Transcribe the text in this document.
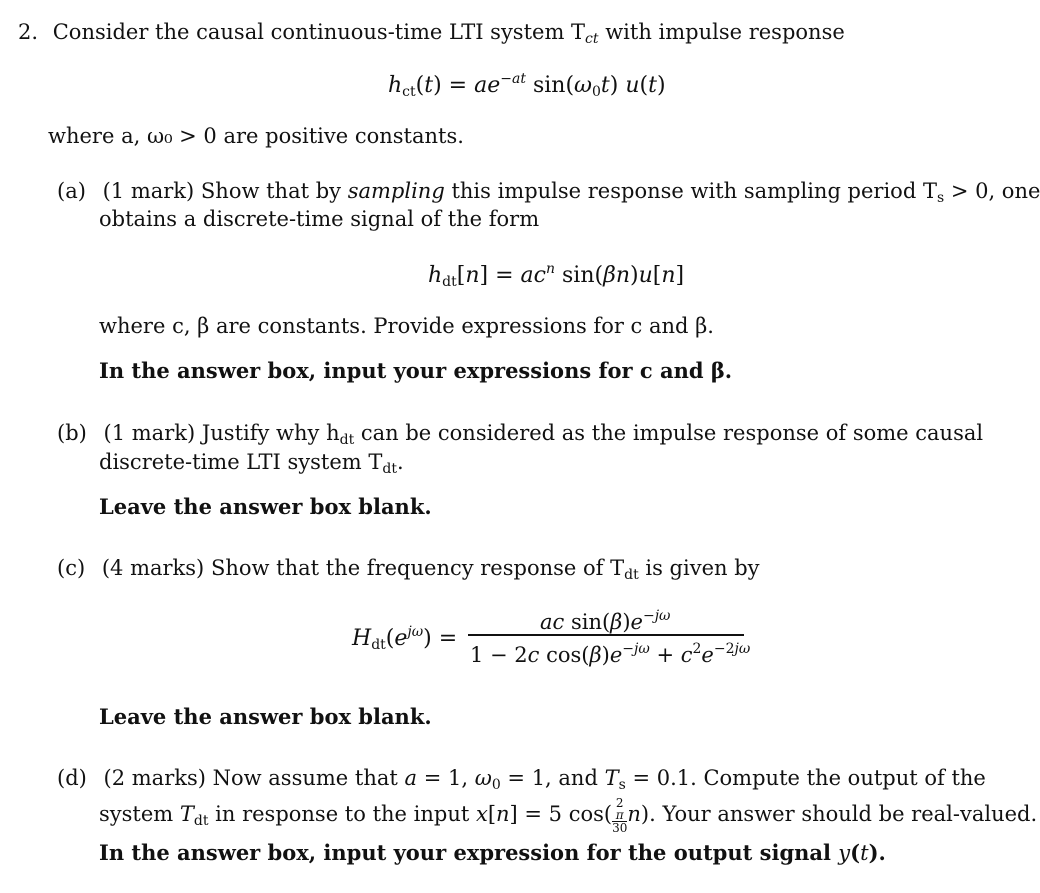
2. Consider the causal continuous-time LTI system $T_{ct}$ with impulse response
$h_{ct}(t) = ae^{-at}$ $\sin(\omega_0t)$ u(t)
where a, ω₀ > 0 are positive constants.
(a) (1 mark) Show that by sampling this impulse response with sampling period $T_s > 0$, one
obtains a discrete-time signal of the form
$h_{dt}[n] = ac^n$ sin(βn)u[n]
where c, β are constants. Provide expressions for c and β.
In the answer box, input your expressions for c and β.
(b) (1 mark) Justify why $h_{dt}$ can be considered as the impulse response of some causal
discrete-time LTI system $T_{dt}$.
Leave the answer box blank.
(c) (4 marks) Show that the frequency response of $T_{dt}$ is given by
$H_{dt}(e^{j\omega})$ =
ac $\sin(\beta)e^{-j\omega}$
1 − 2c $\cos(\beta)e^{-j\omega} + c^2e^{-2j\omega}$
Leave the answer box blank.
(d) (2 marks) Now assume that a = 1, $\omega_0 = 1$, and $T_s = 0.1$. Compute the output of the
system $T_{dt}$ in response to the input x[n] = 5 cos( 2
π
30 n). Your answer should be real-valued.
In the answer box, input your expression for the output signal y(t).
